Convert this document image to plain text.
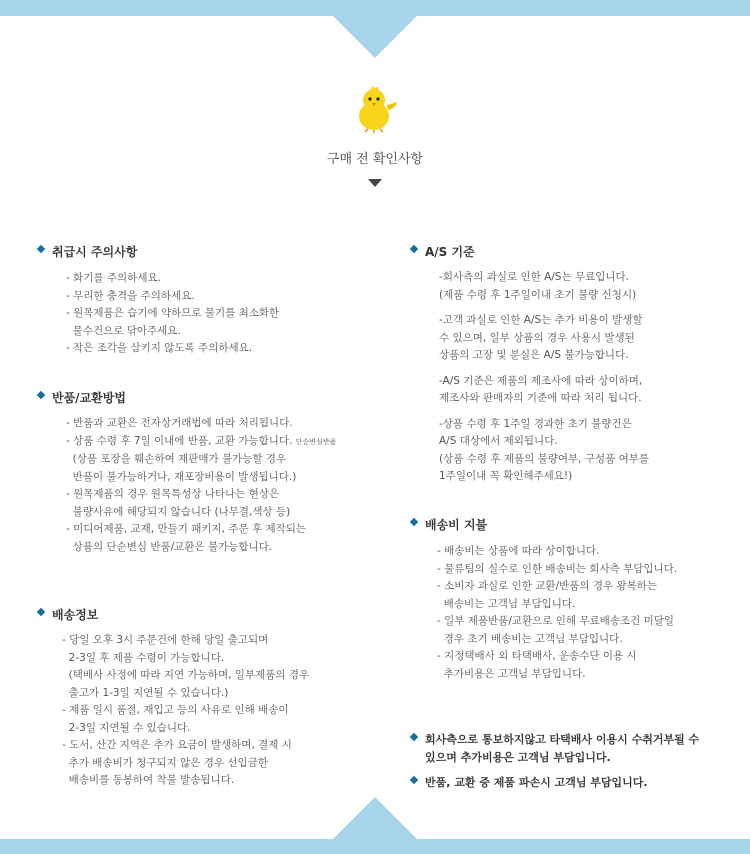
구매 전 확인사항
취급시 주의사항
- 화기를 주의하세요.
- 무리한 충격을 주의하세요.
- 원목제품은 습기에 약하므로 물기를 최소화한
물수건으로 닦아주세요.
- 작은 조각을 삼키지 않도록 주의하세요.
반품/교환방법
- 반품과 교환은 전자상거래법에 따라 처리됩니다.
- 상품 수령 후 7일 이내에 반품, 교환 가능합니다. 단순변심반품
(상품 포장을 훼손하여 재판매가 불가능할 경우
반품이 불가능하거나, 재포장비용이 발생됩니다.)
- 원목제품의 경우 원목특성상 나타나는 현상은
불량사유에 해당되지 않습니다 (나무결,색상 등)
- 미디어제품, 교재, 만들기 패키지, 주문 후 제작되는
상품의 단순변심 반품/교환은 불가능합니다.
배송정보
- 당일 오후 3시 주문건에 한해 당일 출고되며
2-3일 후 제품 수령이 가능합니다.
(택배사 사정에 따라 지연 가능하며, 일부제품의 경우
출고가 1-3일 지연될 수 있습니다.)
- 제품 일시 품절, 재입고 등의 사유로 인해 배송이
2-3일 지연될 수 있습니다.
- 도서, 산간 지역은 추가 요금이 발생하며, 결제 시
추가 배송비가 청구되지 않은 경우 선입금한
배송비를 동봉하여 착불 발송됩니다.
A/S 기준
-회사측의 과실로 인한 A/S는 무료입니다.
(제품 수령 후 1주일이내 초기 불량 신청시)
-고객 과실로 인한 A/S는 추가 비용이 발생할
수 있으며, 일부 상품의 경우 사용시 발생된
상품의 고장 및 분실은 A/S 불가능합니다.
-A/S 기준은 제품의 제조사에 따라 상이하며,
제조사와 판매자의 기준에 따라 처리 됩니다.
-상품 수령 후 1주일 경과한 초기 불량건은
A/S 대상에서 제외됩니다.
(상품 수령 후 제품의 불량여부, 구성품 여부를
1주일이내 꼭 확인해주세요!)
배송비 지불
- 배송비는 상품에 따라 상이합니다.
- 물류팀의 실수로 인한 배송비는 회사측 부담입니다.
- 소비자 과실로 인한 교환/반품의 경우 왕복하는
배송비는 고객님 부담입니다.
- 일부 제품반품/교환으로 인해 무료배송조건 미달일
경우 초기 배송비는 고객님 부담입니다.
- 지정택배사 외 타택배사, 운송수단 이용 시
추가비용은 고객님 부담입니다.
회사측으로 통보하지않고 타택배사 이용시 수취거부될 수
있으며 추가비용은 고객님 부담입니다.
반품, 교환 중 제품 파손시 고객님 부담입니다.
